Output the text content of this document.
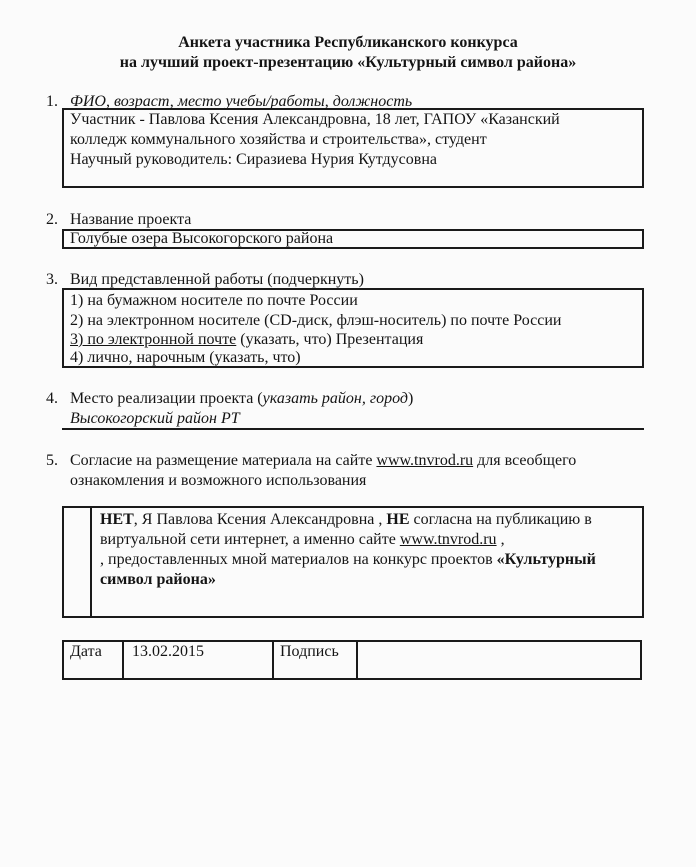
Анкета участника Республиканского конкурса
на лучший проект-презентацию «Культурный символ района»
1. ФИО, возраст, место учебы/работы, должность
Участник - Павлова Ксения Александровна, 18 лет, ГАПОУ «Казанский
колледж коммунального хозяйства и строительства», студент
Научный руководитель: Сиразиева Нурия Кутдусовна
2. Название проекта
Голубые озера Высокогорского района
3. Вид представленной работы (подчеркнуть)
1) на бумажном носителе по почте России
2) на электронном носителе (CD-диск, флэш-носитель) по почте России
3) по электронной почте (указать, что) Презентация
4) лично, нарочным (указать, что)
4. Место реализации проекта (указать район, город)
Высокогорский район РТ
5. Согласие на размещение материала на сайте www.tnvrod.ru для всеобщего
ознакомления и возможного использования
НЕТ, Я Павлова Ксения Александровна , НЕ согласна на публикацию в
виртуальной сети интернет, а именно сайте www.tnvrod.ru ,
, предоставленных мной материалов на конкурс проектов «Культурный
символ района»
Дата 13.02.2015	Подпись
